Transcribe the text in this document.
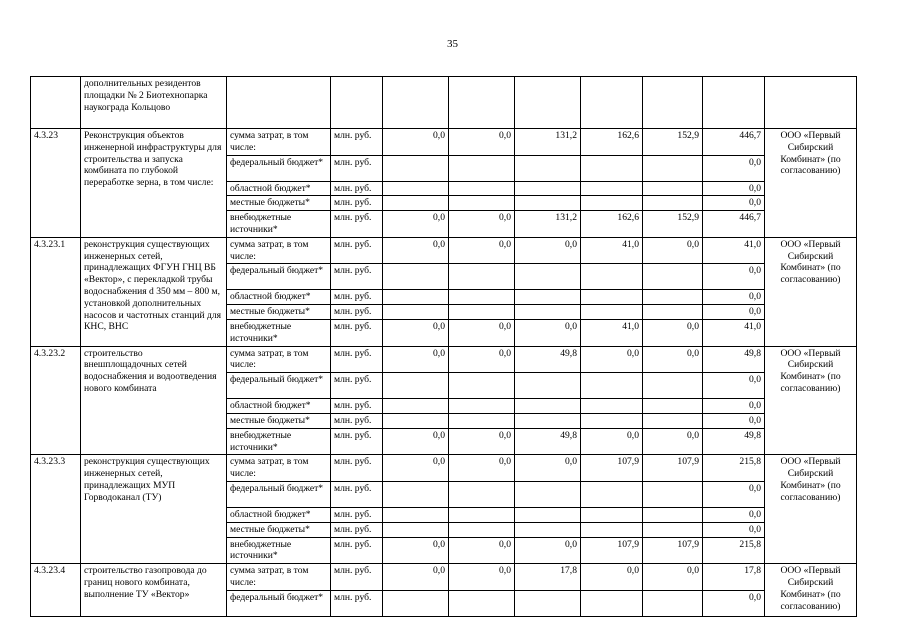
35
	дополнительных резидентов площадки № 2 Биотехнопарка наукограда Кольцово									
4.3.23	Реконструкция объектов инженерной инфраструктуры для строительства и запуска комбината по глубокой переработке зерна, в том числе:	сумма затрат, в том числе:	млн. руб.	0,0	0,0	131,2	162,6	152,9	446,7	ООО «Первый Сибирский Комбинат» (по согласованию)
		федеральный бюджет*	млн. руб.						0,0	
		областной бюджет*	млн. руб.						0,0	
		местные бюджеты*	млн. руб.						0,0	
		внебюджетные источники*	млн. руб.	0,0	0,0	131,2	162,6	152,9	446,7	
4.3.23.1	реконструкция существующих инженерных сетей, принадлежащих ФГУН ГНЦ ВБ «Вектор», с перекладкой трубы водоснабжения d 350 мм – 800 м, установкой дополнительных насосов и частотных станций для КНС, ВНС	сумма затрат, в том числе:	млн. руб.	0,0	0,0	0,0	41,0	0,0	41,0	ООО «Первый Сибирский Комбинат» (по согласованию)
		федеральный бюджет*	млн. руб.						0,0	
		областной бюджет*	млн. руб.						0,0	
		местные бюджеты*	млн. руб.						0,0	
		внебюджетные источники*	млн. руб.	0,0	0,0	0,0	41,0	0,0	41,0	
4.3.23.2	строительство внешплощадочных сетей водоснабжения и водоотведения нового комбината	сумма затрат, в том числе:	млн. руб.	0,0	0,0	49,8	0,0	0,0	49,8	ООО «Первый Сибирский Комбинат» (по согласованию)
		федеральный бюджет*	млн. руб.						0,0	
		областной бюджет*	млн. руб.						0,0	
		местные бюджеты*	млн. руб.						0,0	
		внебюджетные источники*	млн. руб.	0,0	0,0	49,8	0,0	0,0	49,8	
4.3.23.3	реконструкция существующих инженерных сетей, принадлежащих МУП Горводоканал (ТУ)	сумма затрат, в том числе:	млн. руб.	0,0	0,0	0,0	107,9	107,9	215,8	ООО «Первый Сибирский Комбинат» (по согласованию)
		федеральный бюджет*	млн. руб.						0,0	
		областной бюджет*	млн. руб.						0,0	
		местные бюджеты*	млн. руб.						0,0	
		внебюджетные источники*	млн. руб.	0,0	0,0	0,0	107,9	107,9	215,8	
4.3.23.4	строительство газопровода до границ нового комбината, выполнение ТУ «Вектор»	сумма затрат, в том числе:	млн. руб.	0,0	0,0	17,8	0,0	0,0	17,8	ООО «Первый Сибирский Комбинат» (по согласованию)
		федеральный бюджет*	млн. руб.						0,0	
